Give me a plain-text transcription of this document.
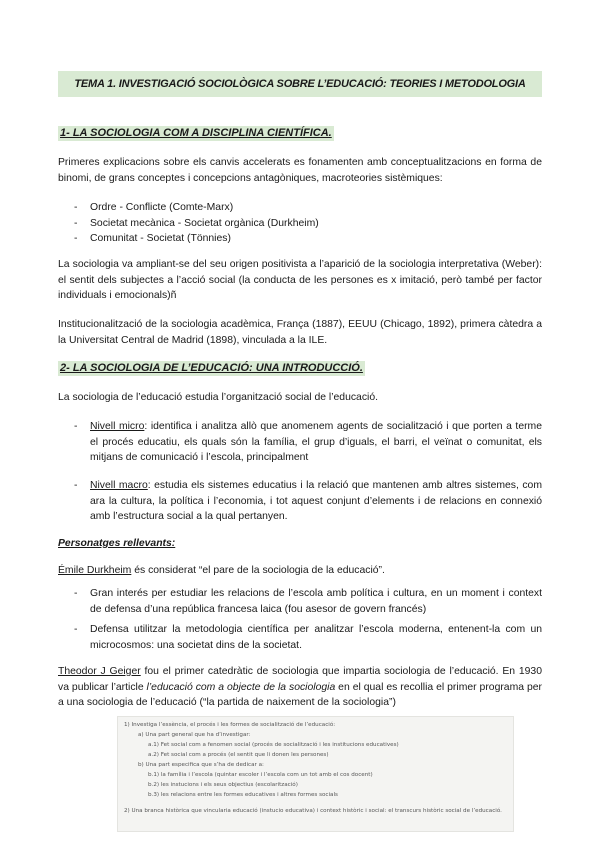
TEMA 1. INVESTIGACIÓ SOCIOLÒGICA SOBRE L’EDUCACIÓ: TEORIES I METODOLOGIA
1- LA SOCIOLOGIA COM A DISCIPLINA CIENTÍFICA.

Primeres explicacions sobre els canvis accelerats es fonamenten amb conceptualitzacions en forma de binomi, de grans conceptes i concepcions antagòniques, macroteories sistèmiques:

- Ordre - Conflicte (Comte-Marx)
- Societat mecànica - Societat orgànica (Durkheim)
- Comunitat - Societat (Tönnies)

La sociologia va ampliant-se del seu origen positivista a l’aparició de la sociologia interpretativa (Weber): el sentit dels subjectes a l’acció social (la conducta de les persones es x imitació, però també per factor individuals i emocionals)ñ

Institucionalització de la sociologia acadèmica, França (1887), EEUU (Chicago, 1892), primera càtedra a la Universitat Central de Madrid (1898), vinculada a la ILE.

2- LA SOCIOLOGIA DE L’EDUCACIÓ: UNA INTRODUCCIÓ.

La sociologia de l’educació estudia l’organització social de l’educació.

- Nivell micro: identifica i analitza allò que anomenem agents de socialització i que porten a terme el procés educatiu, els quals són la família, el grup d’iguals, el barri, el veïnat o comunitat, els mitjans de comunicació i l’escola, principalment
- Nivell macro: estudia els sistemes educatius i la relació que mantenen amb altres sistemes, com ara la cultura, la política i l’economia, i tot aquest conjunt d’elements i de relacions en connexió amb l’estructura social a la qual pertanyen.
Personatges rellevants:

Émile Durkheim és considerat “el pare de la sociologia de la educació”.

- Gran interés per estudiar les relacions de l’escola amb política i cultura, en un moment i context de defensa d’una república francesa laica (fou asesor de govern francés)
- Defensa utilitzar la metodologia científica per analitzar l’escola moderna, entenent-la com un microcosmos: una societat dins de la societat.

Theodor J Geiger fou el primer catedràtic de sociologia que impartia sociologia de l’educació. En 1930 va publicar l’article l’educació com a objecte de la sociologia en el qual es recollia el primer programa per a una sociologia de l’educació (“la partida de naixement de la sociologia”)

1) Investiga l’essència, el procés i les formes de socialització de l’educació:
a) Una part general que ha d’investigar:
a.1) Fet social com a fenomen social (procés de socialització i les institucions educatives)
a.2) Fet social com a procés (el sentit que li donen les persones)
b) Una part especifica que s’ha de dedicar a:
b.1) la família i l’escola (quintar escoler i l’escola com un tot amb el cos docent)
b.2) les instucions i els seus objectius (escolarització)
b.3) les relacions entre les formes educatives i altres formes socials
2) Una branca històrica que vincularia educació (instucio educativa) i context històric i social: el transcurs històric social de l’educació.
